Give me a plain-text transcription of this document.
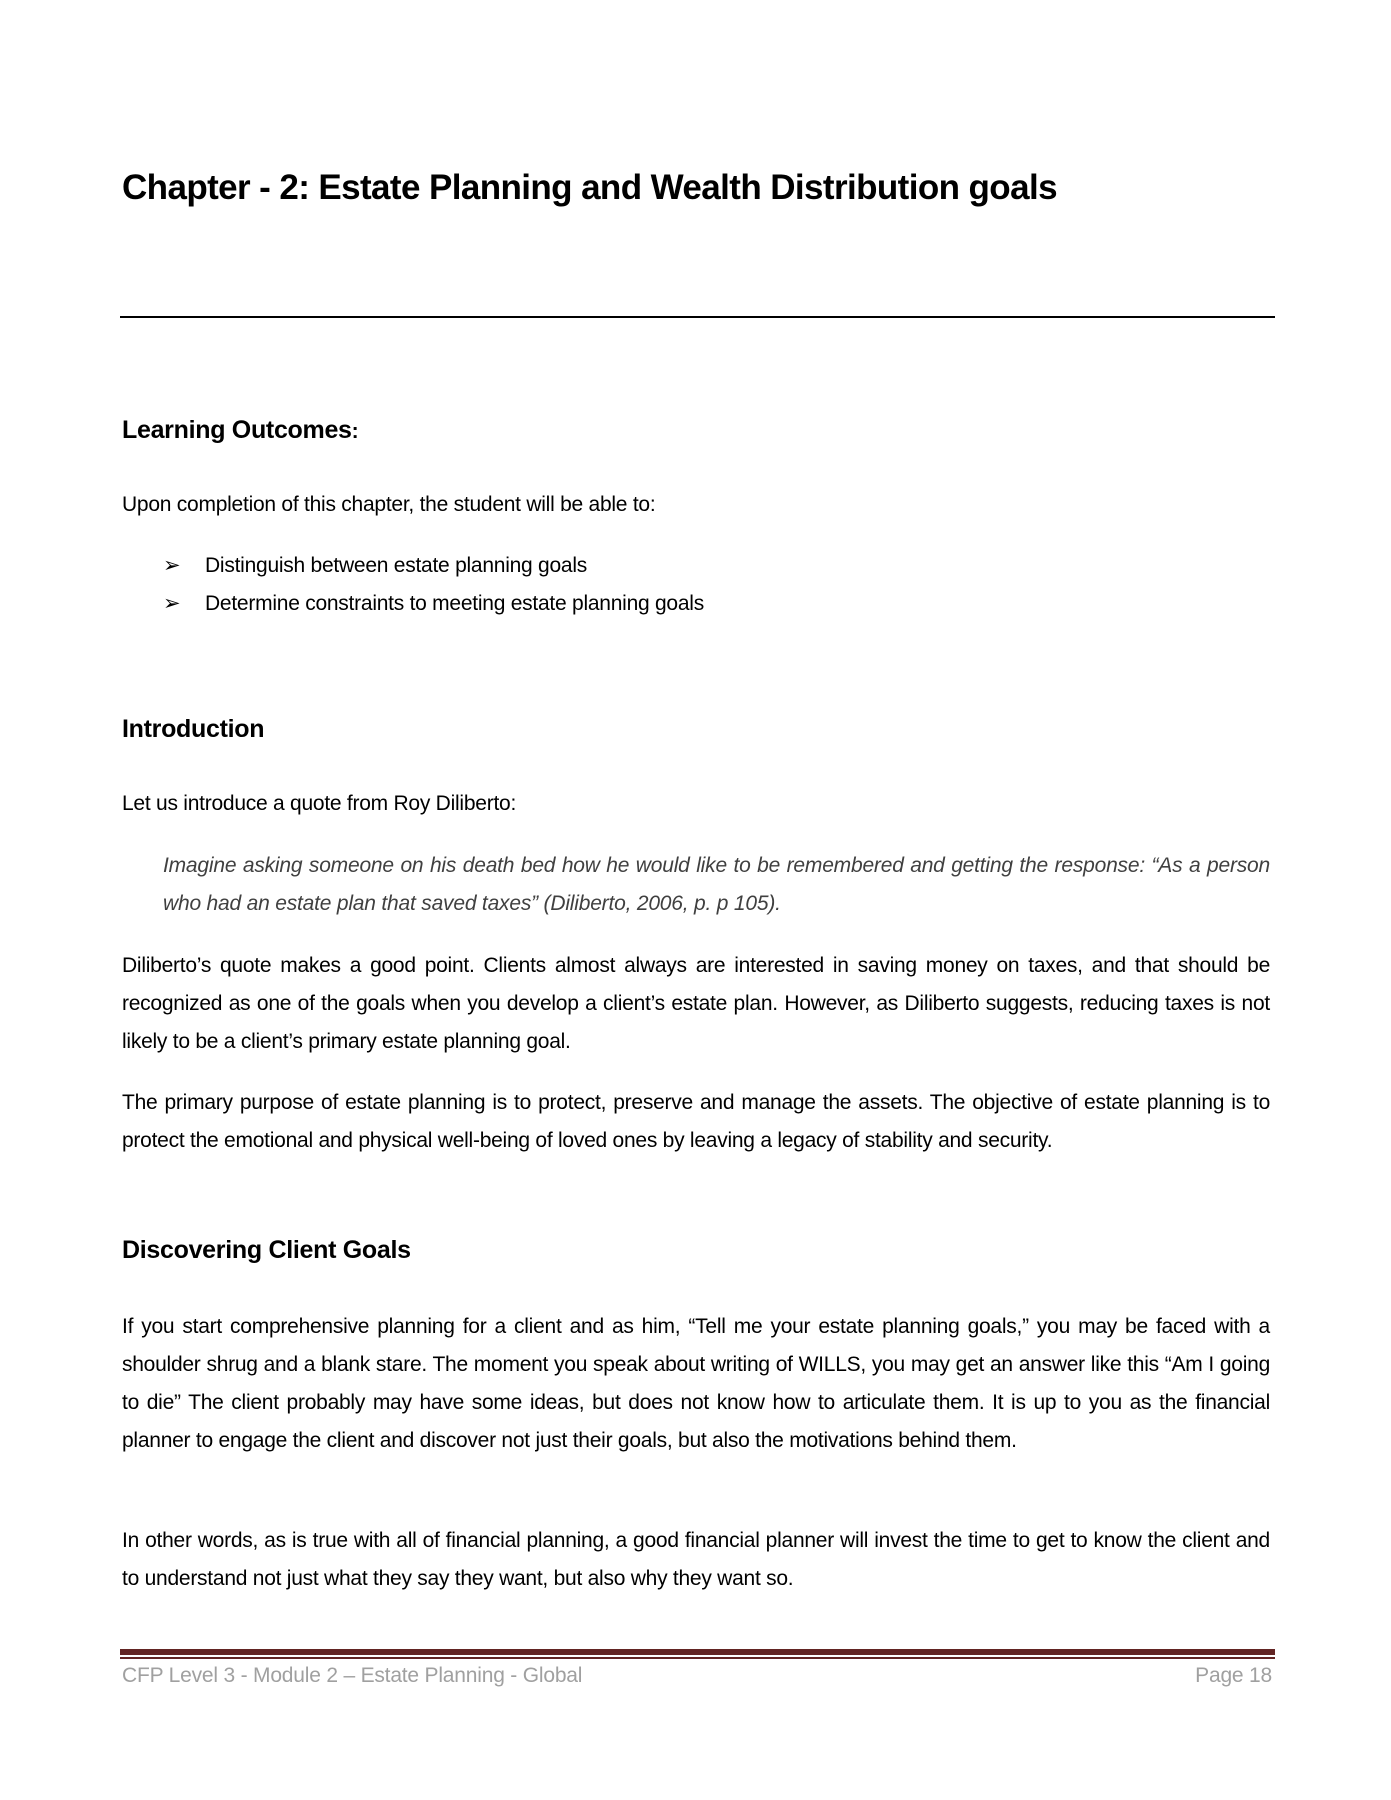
Chapter - 2: Estate Planning and Wealth Distribution goals
Learning Outcomes:
Upon completion of this chapter, the student will be able to:
➢ Distinguish between estate planning goals
➢ Determine constraints to meeting estate planning goals
Introduction
Let us introduce a quote from Roy Diliberto:
Imagine asking someone on his death bed how he would like to be remembered and getting the response: “As a person who had an estate plan that saved taxes” (Diliberto, 2006, p. p 105).
Diliberto’s quote makes a good point. Clients almost always are interested in saving money on taxes, and that should be recognized as one of the goals when you develop a client’s estate plan. However, as Diliberto suggests, reducing taxes is not likely to be a client’s primary estate planning goal.
The primary purpose of estate planning is to protect, preserve and manage the assets. The objective of estate planning is to protect the emotional and physical well-being of loved ones by leaving a legacy of stability and security.
Discovering Client Goals
If you start comprehensive planning for a client and as him, “Tell me your estate planning goals,” you may be faced with a shoulder shrug and a blank stare. The moment you speak about writing of WILLS, you may get an answer like this “Am I going to die” The client probably may have some ideas, but does not know how to articulate them. It is up to you as the financial planner to engage the client and discover not just their goals, but also the motivations behind them.
In other words, as is true with all of financial planning, a good financial planner will invest the time to get to know the client and to understand not just what they say they want, but also why they want so.
CFP Level 3 - Module 2 – Estate Planning - Global	Page 18
